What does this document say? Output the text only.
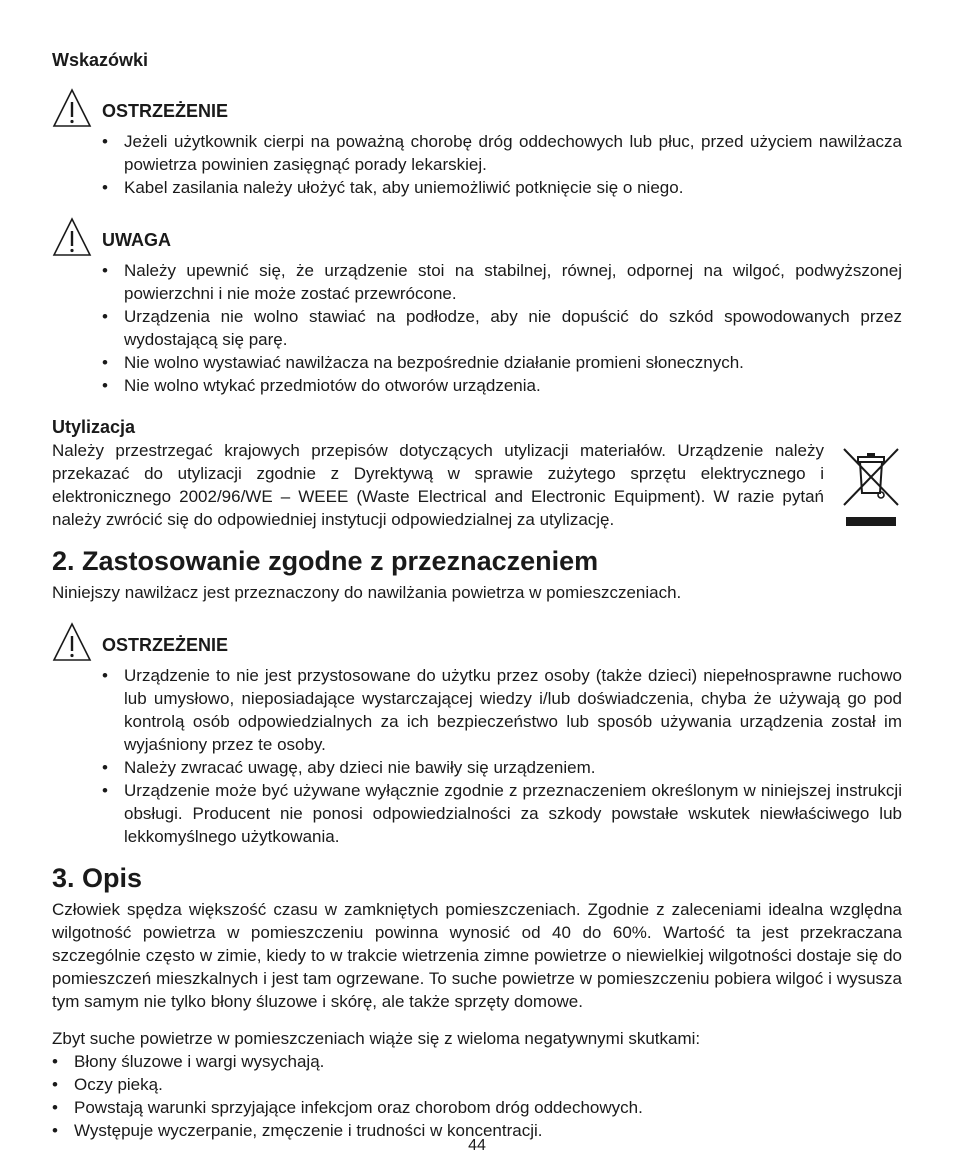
Wskazówki
OSTRZEŻENIE
• Jeżeli użytkownik cierpi na poważną chorobę dróg oddechowych lub płuc, przed użyciem nawilżacza powietrza powinien zasięgnąć porady lekarskiej.
• Kabel zasilania należy ułożyć tak, aby uniemożliwić potknięcie się o niego.
UWAGA
• Należy upewnić się, że urządzenie stoi na stabilnej, równej, odpornej na wilgoć, podwyższonej powierzchni i nie może zostać przewrócone.
• Urządzenia nie wolno stawiać na podłodze, aby nie dopuścić do szkód spowodowanych przez wydostającą się parę.
• Nie wolno wystawiać nawilżacza na bezpośrednie działanie promieni słonecznych.
• Nie wolno wtykać przedmiotów do otworów urządzenia.
Utylizacja

Należy przestrzegać krajowych przepisów dotyczących utylizacji materiałów. Urządzenie należy przekazać do utylizacji zgodnie z Dyrektywą w sprawie zużytego sprzętu elektrycznego i elektronicznego 2002/96/WE – WEEE (Waste Electrical and Electronic Equipment). W razie pytań należy zwrócić się do odpowiedniej instytucji odpowiedzialnej za utylizację.

2. Zastosowanie zgodne z przeznaczeniem

Niniejszy nawilżacz jest przeznaczony do nawilżania powietrza w pomieszczeniach.

OSTRZEŻENIE
• Urządzenie to nie jest przystosowane do użytku przez osoby (także dzieci) niepełnosprawne ruchowo lub umysłowo, nieposiadające wystarczającej wiedzy i/lub doświadczenia, chyba że używają go pod kontrolą osób odpowiedzialnych za ich bezpieczeństwo lub sposób używania urządzenia został im wyjaśniony przez te osoby.
• Należy zwracać uwagę, aby dzieci nie bawiły się urządzeniem.
• Urządzenie może być używane wyłącznie zgodnie z przeznaczeniem określonym w niniejszej instrukcji obsługi. Producent nie ponosi odpowiedzialności za szkody powstałe wskutek niewłaściwego lub lekkomyślnego użytkowania.
3. Opis

Człowiek spędza większość czasu w zamkniętych pomieszczeniach. Zgodnie z zaleceniami idealna względna wilgotność powietrza w pomieszczeniu powinna wynosić od 40 do 60%. Wartość ta jest przekraczana szczególnie często w zimie, kiedy to w trakcie wietrzenia zimne powietrze o niewielkiej wilgotności dostaje się do pomieszczeń mieszkalnych i jest tam ogrzewane. To suche powietrze w pomieszczeniu pobiera wilgoć i wysusza tym samym nie tylko błony śluzowe i skórę, ale także sprzęty domowe.

Zbyt suche powietrze w pomieszczeniach wiąże się z wieloma negatywnymi skutkami:

• Błony śluzowe i wargi wysychają.
• Oczy pieką.
• Powstają warunki sprzyjające infekcjom oraz chorobom dróg oddechowych.
• Występuje wyczerpanie, zmęczenie i trudności w koncentracji.
44
